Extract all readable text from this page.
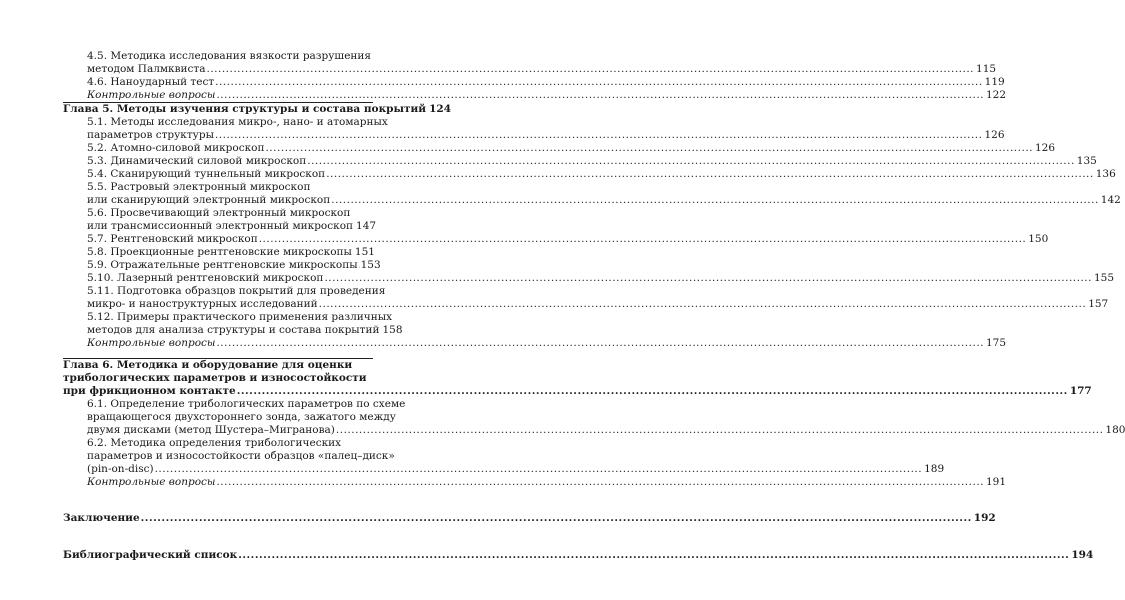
4.5. Методика исследования вязкости разрушения
методом Палмквиста .....	115
4.6. Наноударный тест .....	119
Контрольные вопросы .....	122
Глава 5. Методы изучения структуры и состава покрытий ..... 124
5.1. Методы исследования микро-, нано- и атомарных
параметров структуры .....	126
5.2. Атомно-силовой микроскоп .....	126
5.3. Динамический силовой микроскоп .....	135
5.4. Сканирующий туннельный микроскоп .....	136
5.5. Растровый электронный микроскоп
или сканирующий электронный микроскоп .....	142
5.6. Просвечивающий электронный микроскоп
или трансмиссионный электронный микроскоп ..... 147
5.7. Рентгеновский микроскоп .....	150
5.8. Проекционные рентгеновские микроскопы ..... 151
5.9. Отражательные рентгеновские микроскопы ..... 153
5.10. Лазерный рентгеновский микроскоп .....	155
5.11. Подготовка образцов покрытий для проведения
микро- и наноструктурных исследований .....	157
5.12. Примеры практического применения различных
методов для анализа структуры и состава покрытий ..... 158
Контрольные вопросы .....	175
Глава 6. Методика и оборудование для оценки
трибологических параметров и износостойкости
при фрикционном контакте .....	177
6.1. Определение трибологических параметров по схеме
вращающегося двухстороннего зонда, зажатого между
двумя дисками (метод Шустера–Мигранова) .....	180
6.2. Методика определения трибологических
параметров и износостойкости образцов «палец–диск»
(pin-on-disc) .....	189
Контрольные вопросы .....	191
Заключение .....	192
Библиографический список .....	194
